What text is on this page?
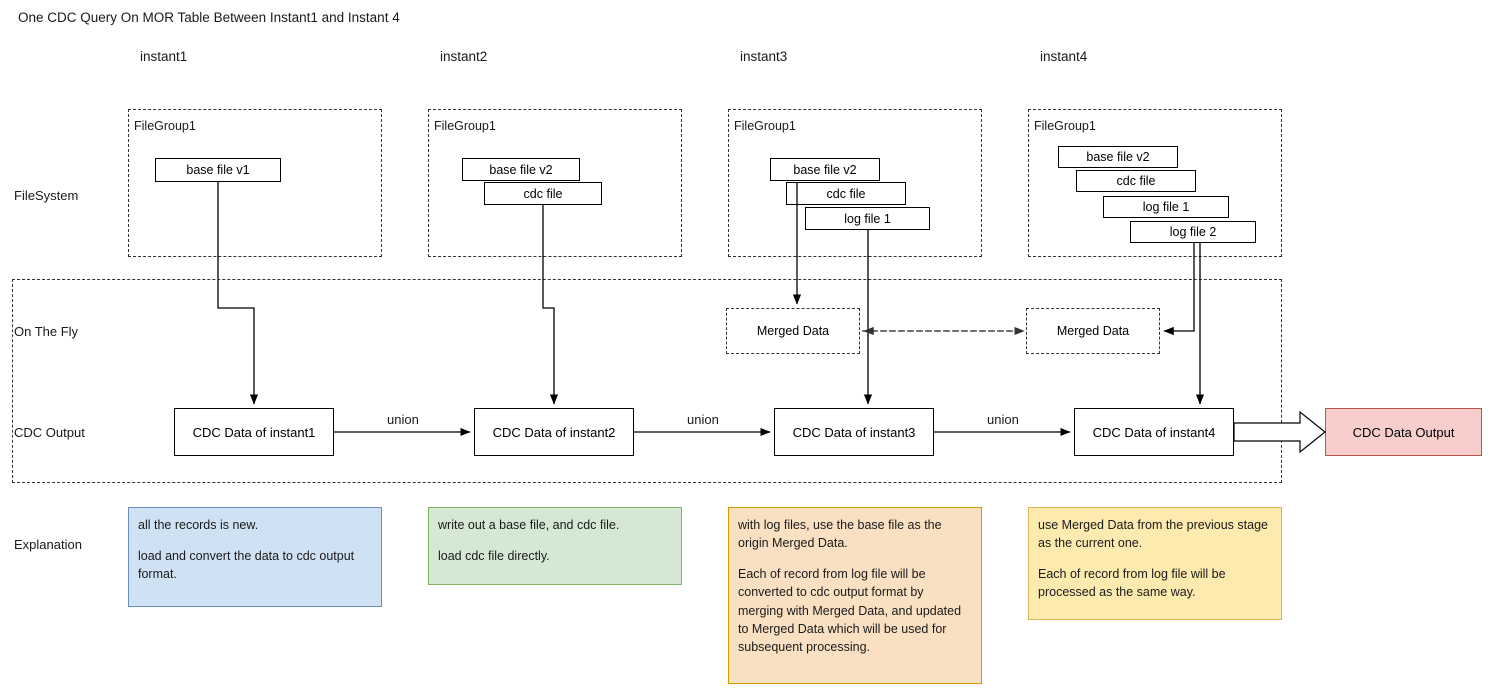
One CDC Query On MOR Table Between Instant1 and Instant 4
instant1	instant2	instant3	instant4
FileSystem
On The Fly
CDC Output
Explanation
FileGroup1
base file v1
FileGroup1
base file v2
cdc file
FileGroup1
base file v2
cdc file
log file 1
FileGroup1
base file v2
cdc file
log file 1
log file 2
Merged Data	Merged Data
CDC Data of instant1	CDC Data of instant2	CDC Data of instant3	CDC Data of instant4
union	union	union
CDC Data Output

all the records is new.

load and convert the data to cdc output format.

write out a base file, and cdc file.

load cdc file directly.

with log files, use the base file as the origin Merged Data.

Each of record from log file will be converted to cdc output format by merging with Merged Data, and updated to Merged Data which will be used for subsequent processing.

use Merged Data from the previous stage as the current one.

Each of record from log file will be processed as the same way.
